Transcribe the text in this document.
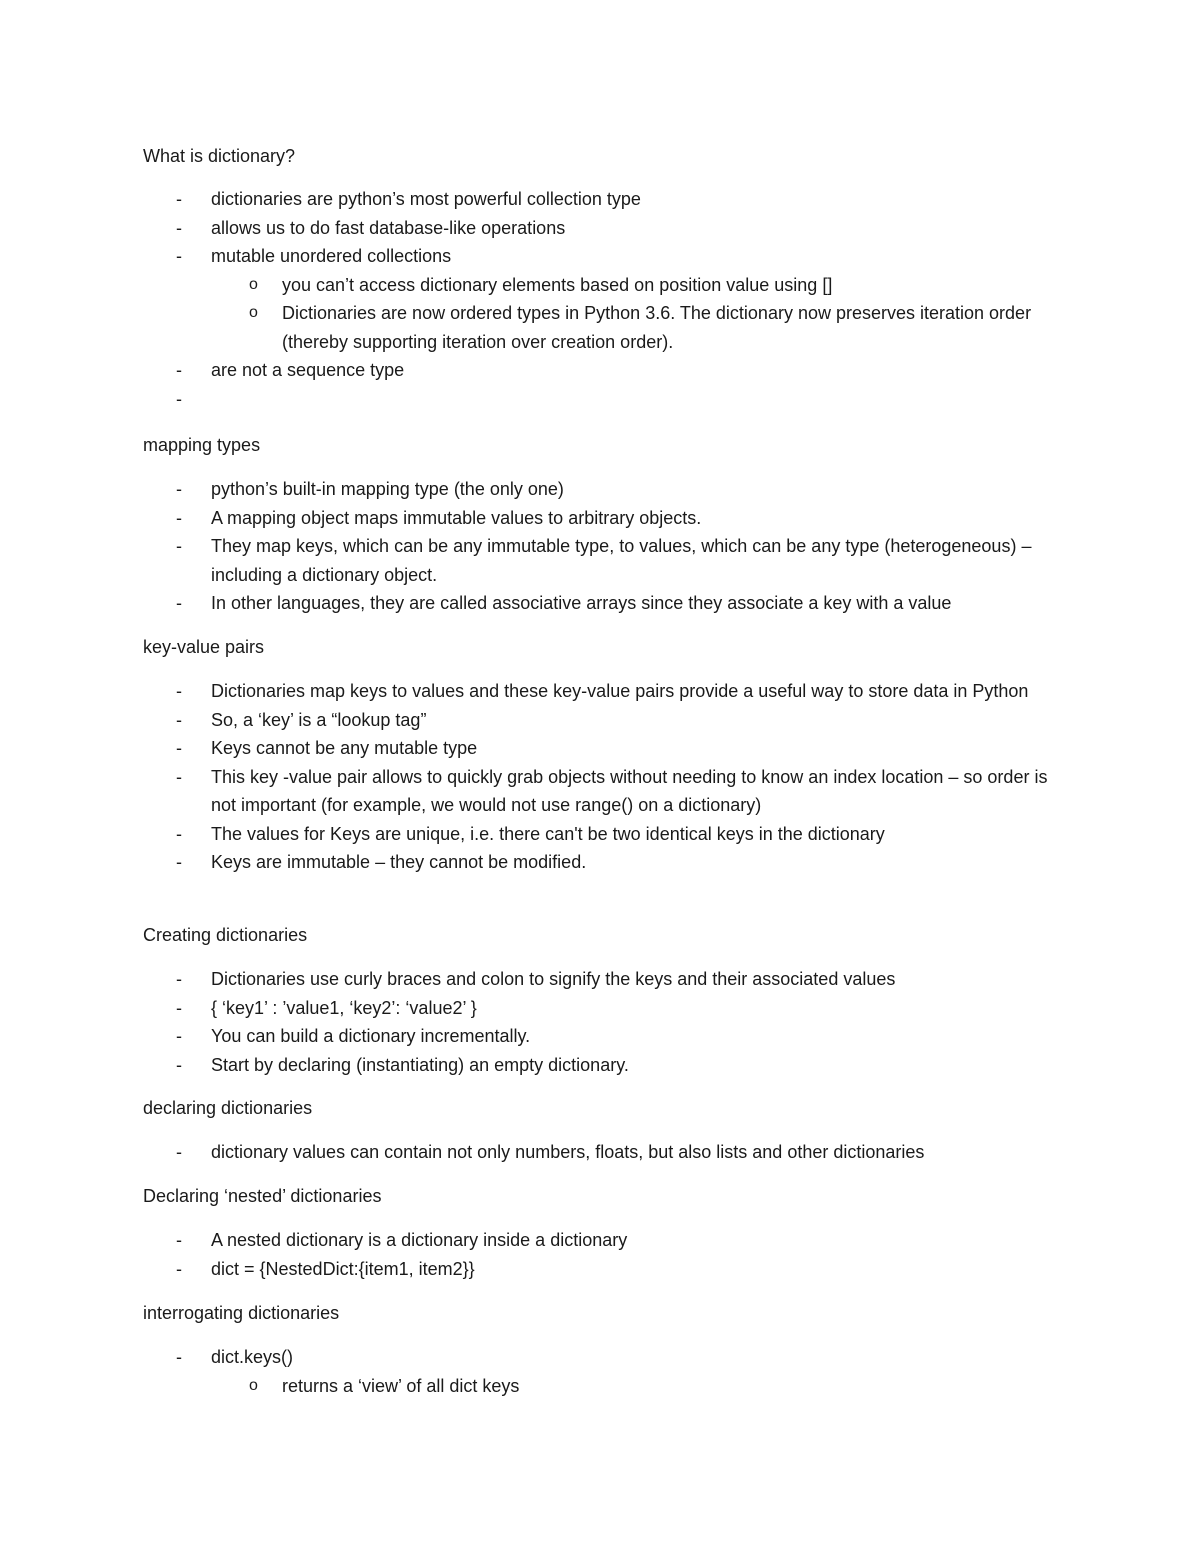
What is dictionary?
- dictionaries are python’s most powerful collection type
- allows us to do fast database-like operations
- mutable unordered collections
o you can’t access dictionary elements based on position value using []
o Dictionaries are now ordered types in Python 3.6. The dictionary now preserves iteration order (thereby supporting iteration over creation order).
- are not a sequence type
-
mapping types
- python’s built-in mapping type (the only one)
- A mapping object maps immutable values to arbitrary objects.
- They map keys, which can be any immutable type, to values, which can be any type (heterogeneous) – including a dictionary object.
- In other languages, they are called associative arrays since they associate a key with a value
key-value pairs
- Dictionaries map keys to values and these key-value pairs provide a useful way to store data in Python
- So, a ‘key’ is a “lookup tag”
- Keys cannot be any mutable type
- This key -value pair allows to quickly grab objects without needing to know an index location – so order is not important (for example, we would not use range() on a dictionary)
- The values for Keys are unique, i.e. there can't be two identical keys in the dictionary
- Keys are immutable – they cannot be modified.
Creating dictionaries
- Dictionaries use curly braces and colon to signify the keys and their associated values
- { ‘key1’ : ’value1, ‘key2’: ‘value2’ }
- You can build a dictionary incrementally.
- Start by declaring (instantiating) an empty dictionary.
declaring dictionaries
- dictionary values can contain not only numbers, floats, but also lists and other dictionaries
Declaring ‘nested’ dictionaries
- A nested dictionary is a dictionary inside a dictionary
- dict = {NestedDict:{item1, item2}}
interrogating dictionaries
- dict.keys()
o returns a ‘view’ of all dict keys
